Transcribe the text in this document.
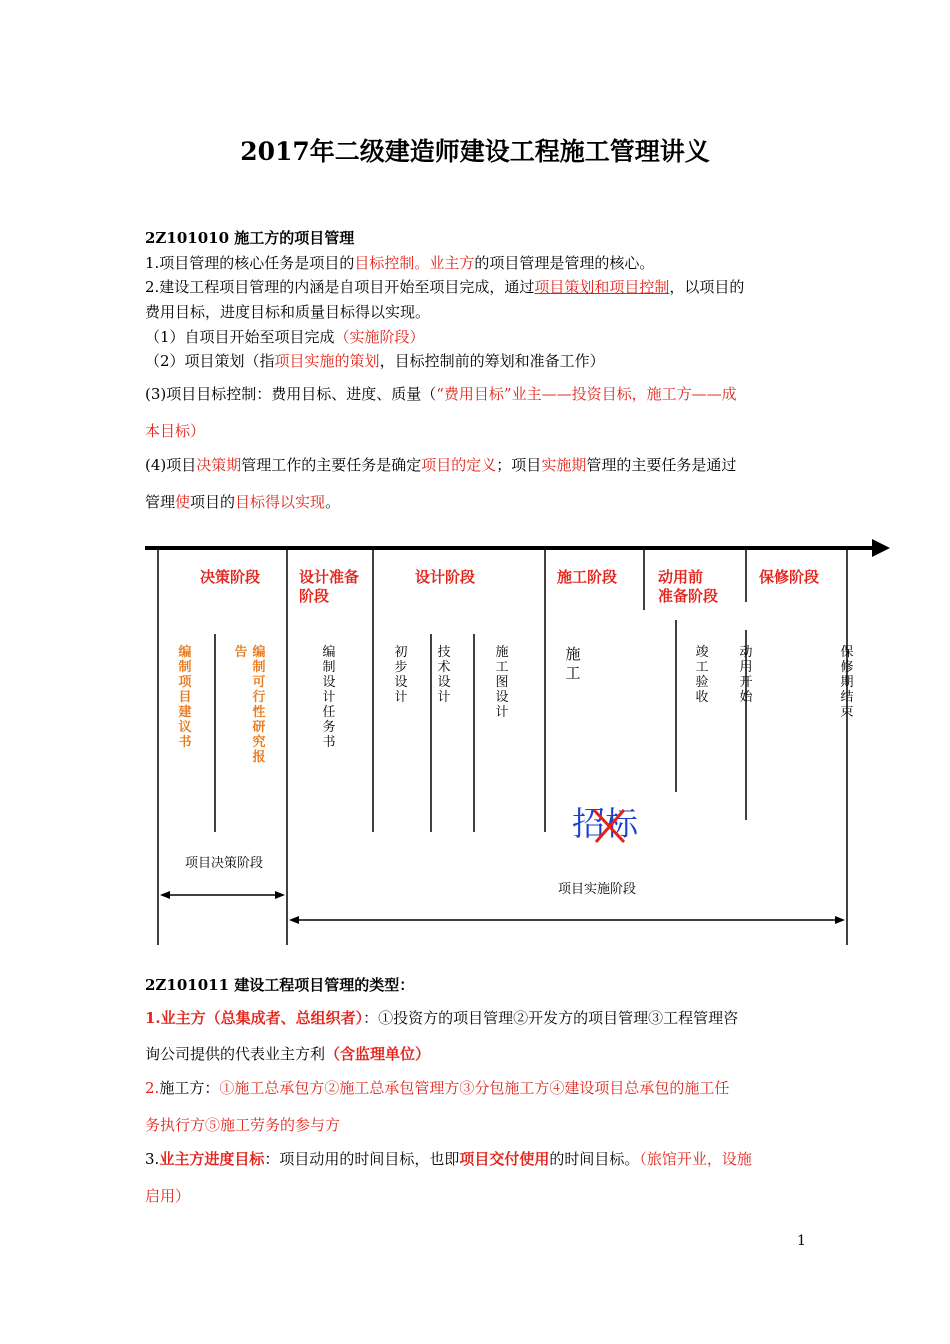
2017年二级建造师建设工程施工管理讲义
2Z101010 施工方的项目管理
1.项目管理的核心任务是项目的目标控制。业主方的项目管理是管理的核心。
2.建设工程项目管理的内涵是自项目开始至项目完成，通过项目策划和项目控制，以项目的
费用目标，进度目标和质量目标得以实现。
（1）自项目开始至项目完成（实施阶段）
（2）项目策划（指项目实施的策划，目标控制前的筹划和准备工作）
(3)项目目标控制：费用目标、进度、质量（“费用目标”业主——投资目标，施工方——成
本目标）
(4)项目决策期管理工作的主要任务是确定项目的定义；项目实施期管理的主要任务是通过
管理使项目的目标得以实现。
决策阶段	设计准备
阶段
设计阶段	施工阶段	动用前
准备阶段
保修阶段
编制项目建议书
告 编制可行性研究报
编制设计任务书
初步设计
技术设计
施工图设计
施工
竣工验收
动用开始
保修期结束
招标
项目决策阶段
项目实施阶段
2Z101011 建设工程项目管理的类型：
1.业主方（总集成者、总组织者）：①投资方的项目管理②开发方的项目管理③工程管理咨
询公司提供的代表业主方利（含监理单位）
2.施工方：①施工总承包方②施工总承包管理方③分包施工方④建设项目总承包的施工任
务执行方⑤施工劳务的参与方
3.业主方进度目标：项目动用的时间目标，也即项目交付使用的时间目标。（旅馆开业，设施
启用）
1
